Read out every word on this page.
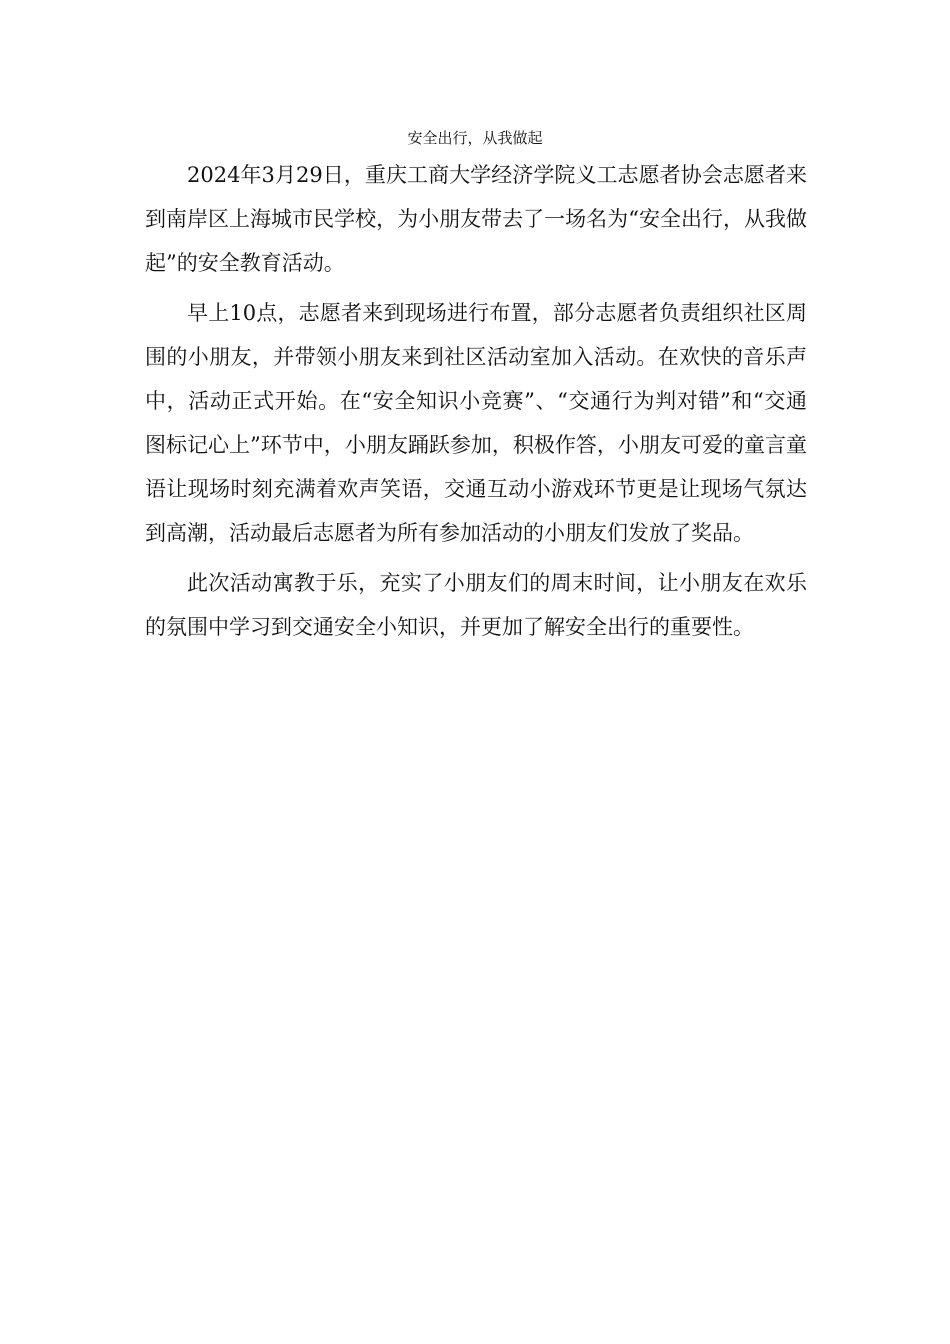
安全出行，从我做起

2024年3月29日，重庆工商大学经济学院义工志愿者协会志愿者来到南岸区上海城市民学校，为小朋友带去了一场名为“安全出行，从我做起”的安全教育活动。

早上10点，志愿者来到现场进行布置，部分志愿者负责组织社区周围的小朋友，并带领小朋友来到社区活动室加入活动。在欢快的音乐声中，活动正式开始。在“安全知识小竞赛”、“交通行为判对错”和“交通图标记心上”环节中，小朋友踊跃参加，积极作答，小朋友可爱的童言童语让现场时刻充满着欢声笑语，交通互动小游戏环节更是让现场气氛达到高潮，活动最后志愿者为所有参加活动的小朋友们发放了奖品。

此次活动寓教于乐，充实了小朋友们的周末时间，让小朋友在欢乐的氛围中学习到交通安全小知识，并更加了解安全出行的重要性。
